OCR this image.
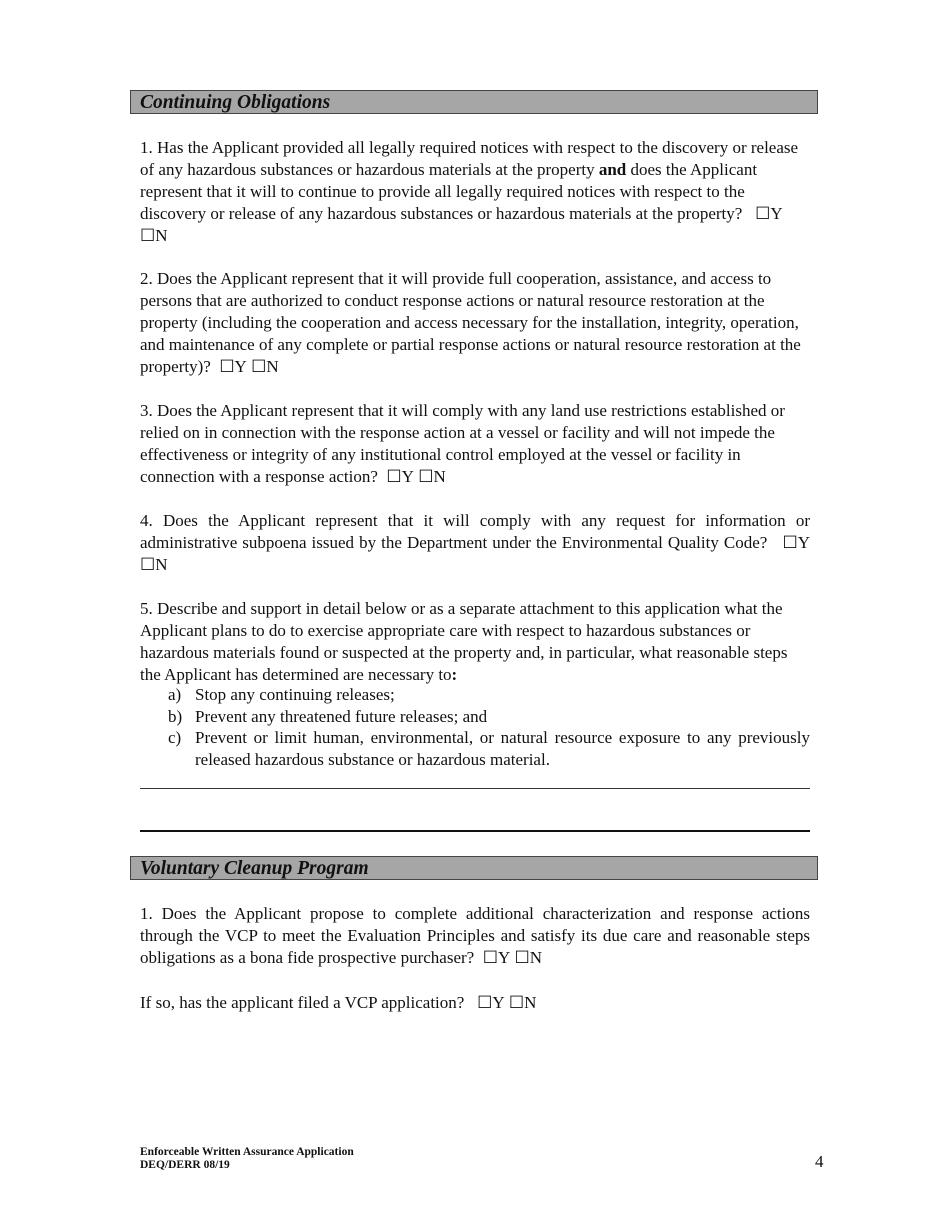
Continuing Obligations

1. Has the Applicant provided all legally required notices with respect to the discovery or release of any hazardous substances or hazardous materials at the property and does the Applicant represent that it will to continue to provide all legally required notices with respect to the discovery or release of any hazardous substances or hazardous materials at the property? ☐Y ☐N

2. Does the Applicant represent that it will provide full cooperation, assistance, and access to persons that are authorized to conduct response actions or natural resource restoration at the property (including the cooperation and access necessary for the installation, integrity, operation, and maintenance of any complete or partial response actions or natural resource restoration at the property)? ☐Y ☐N

3. Does the Applicant represent that it will comply with any land use restrictions established or relied on in connection with the response action at a vessel or facility and will not impede the effectiveness or integrity of any institutional control employed at the vessel or facility in connection with a response action? ☐Y ☐N

4. Does the Applicant represent that it will comply with any request for information or administrative subpoena issued by the Department under the Environmental Quality Code? ☐Y ☐N

5. Describe and support in detail below or as a separate attachment to this application what the Applicant plans to do to exercise appropriate care with respect to hazardous substances or hazardous materials found or suspected at the property and, in particular, what reasonable steps the Applicant has determined are necessary to:

a) Stop any continuing releases;
b) Prevent any threatened future releases; and
c) Prevent or limit human, environmental, or natural resource exposure to any previously released hazardous substance or hazardous material.
Voluntary Cleanup Program

1. Does the Applicant propose to complete additional characterization and response actions through the VCP to meet the Evaluation Principles and satisfy its due care and reasonable steps obligations as a bona fide prospective purchaser? ☐Y ☐N

If so, has the applicant filed a VCP application? ☐Y ☐N

Enforceable Written Assurance Application
DEQ/DERR 08/19	4
